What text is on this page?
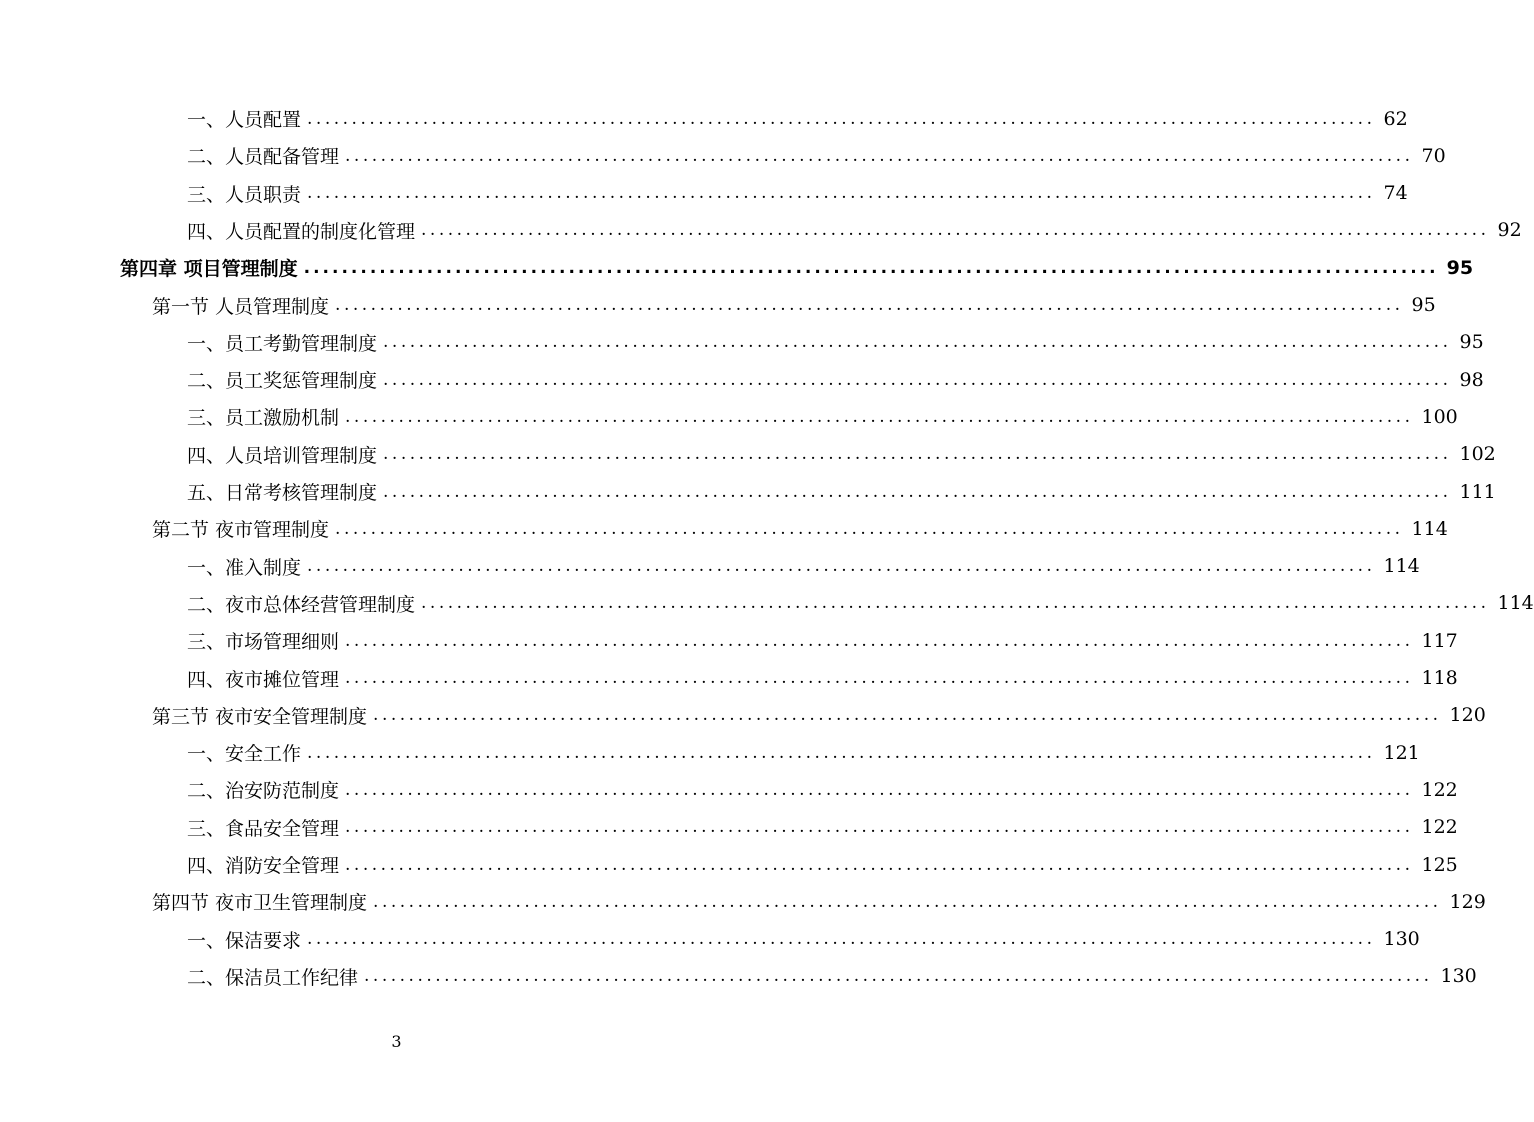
一、人员配置 ........................................................................................................................ 62
二、人员配备管理 ........................................................................................................................ 70
三、人员职责 ........................................................................................................................ 74
四、人员配置的制度化管理 ........................................................................................................................ 92
第四章 项目管理制度 ........................................................................................................................ 95
第一节 人员管理制度 ........................................................................................................................ 95
一、员工考勤管理制度 ........................................................................................................................ 95
二、员工奖惩管理制度 ........................................................................................................................ 98
三、员工激励机制 ........................................................................................................................ 100
四、人员培训管理制度 ........................................................................................................................ 102
五、日常考核管理制度 ........................................................................................................................ 111
第二节 夜市管理制度 ........................................................................................................................ 114
一、准入制度 ........................................................................................................................ 114
二、夜市总体经营管理制度 ........................................................................................................................ 114
三、市场管理细则 ........................................................................................................................ 117
四、夜市摊位管理 ........................................................................................................................ 118
第三节 夜市安全管理制度 ........................................................................................................................ 120
一、安全工作 ........................................................................................................................ 121
二、治安防范制度 ........................................................................................................................ 122
三、食品安全管理 ........................................................................................................................ 122
四、消防安全管理 ........................................................................................................................ 125
第四节 夜市卫生管理制度 ........................................................................................................................ 129
一、保洁要求 ........................................................................................................................ 130
二、保洁员工作纪律 ........................................................................................................................ 130
3
